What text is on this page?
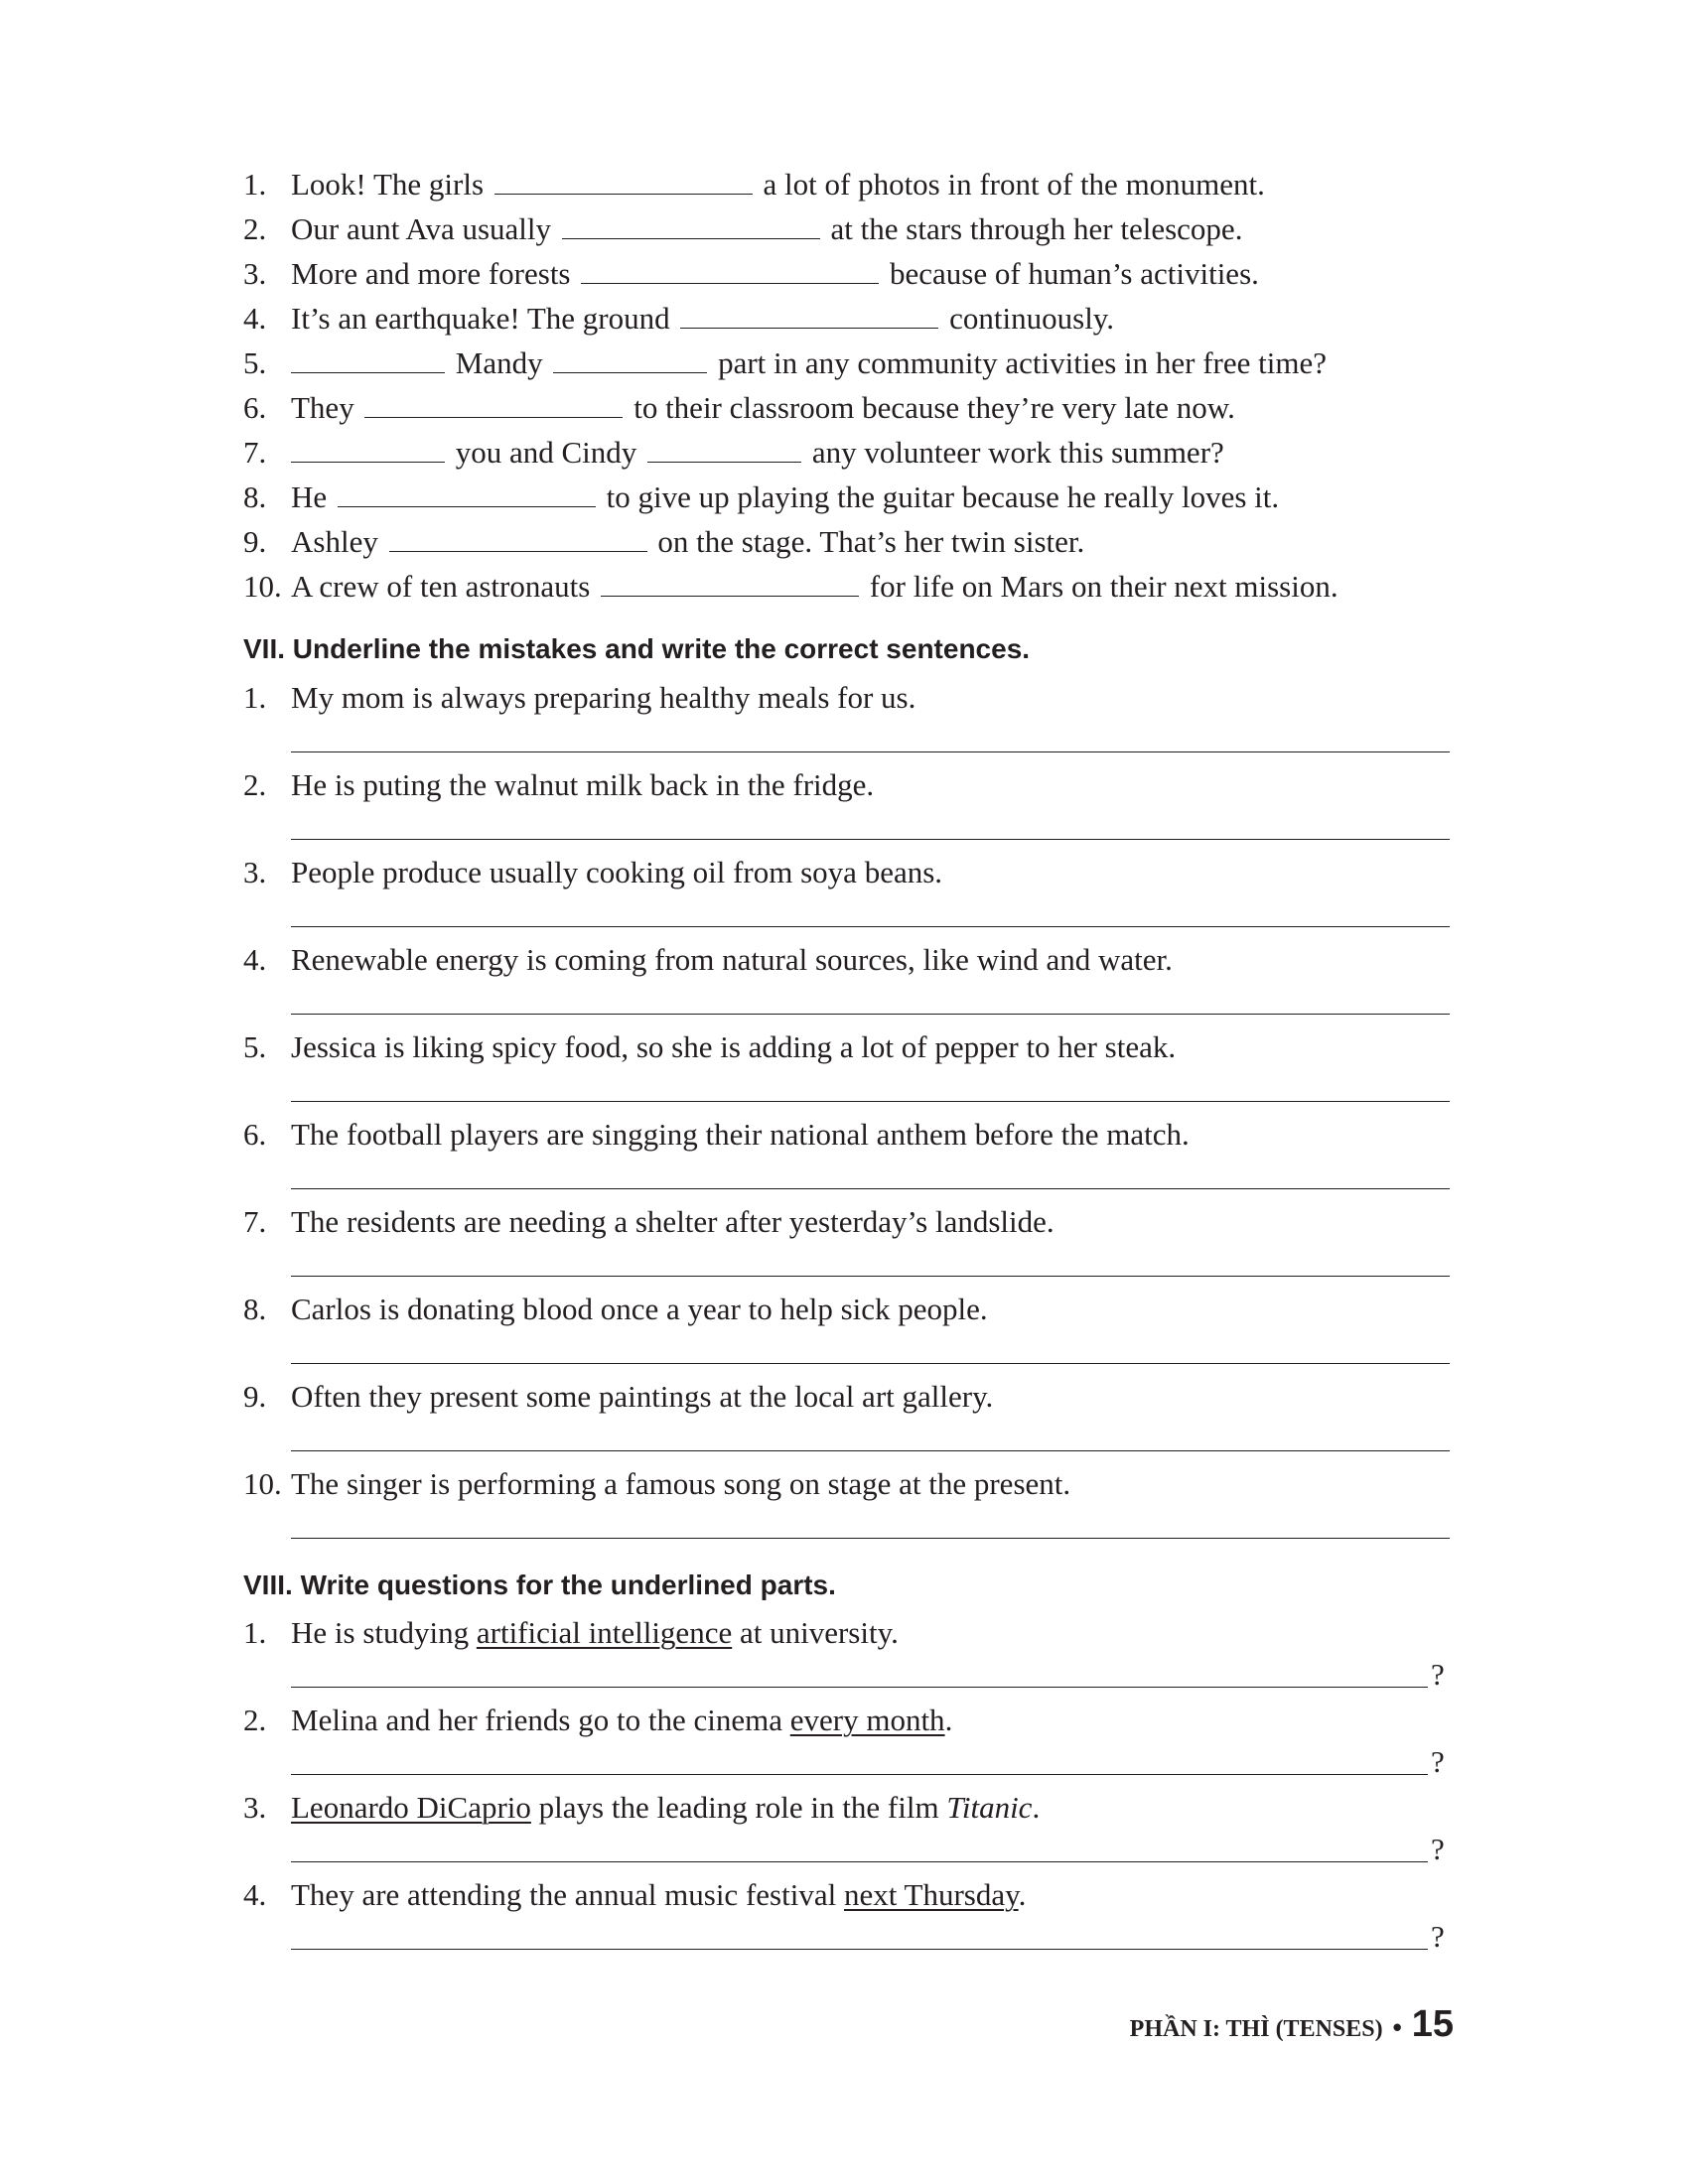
1. Look! The girls	a lot of photos in front of the monument.
2. Our aunt Ava usually	at the stars through her telescope.
3. More and more forests	because of human’s activities.
4. It’s an earthquake! The ground	continuously.
5.	Mandy	part in any community activities in her free time?
6. They	to their classroom because they’re very late now.
7.	you and Cindy	any volunteer work this summer?
8. He	to give up playing the guitar because he really loves it.
9. Ashley	on the stage. That’s her twin sister.
10. A crew of ten astronauts	for life on Mars on their next mission.
VII. Underline the mistakes and write the correct sentences.
1. My mom is always preparing healthy meals for us.
2. He is puting the walnut milk back in the fridge.
3. People produce usually cooking oil from soya beans.
4. Renewable energy is coming from natural sources, like wind and water.
5. Jessica is liking spicy food, so she is adding a lot of pepper to her steak.
6. The football players are singging their national anthem before the match.
7. The residents are needing a shelter after yesterday’s landslide.
8. Carlos is donating blood once a year to help sick people.
9. Often they present some paintings at the local art gallery.
10. The singer is performing a famous song on stage at the present.
VIII. Write questions for the underlined parts.
1. He is studying artificial intelligence at university.
?
2. Melina and her friends go to the cinema every month.
?
3. Leonardo DiCaprio plays the leading role in the film Titanic.
?
4. They are attending the annual music festival next Thursday.
?
PHẦN I: THÌ (TENSES) • 15
